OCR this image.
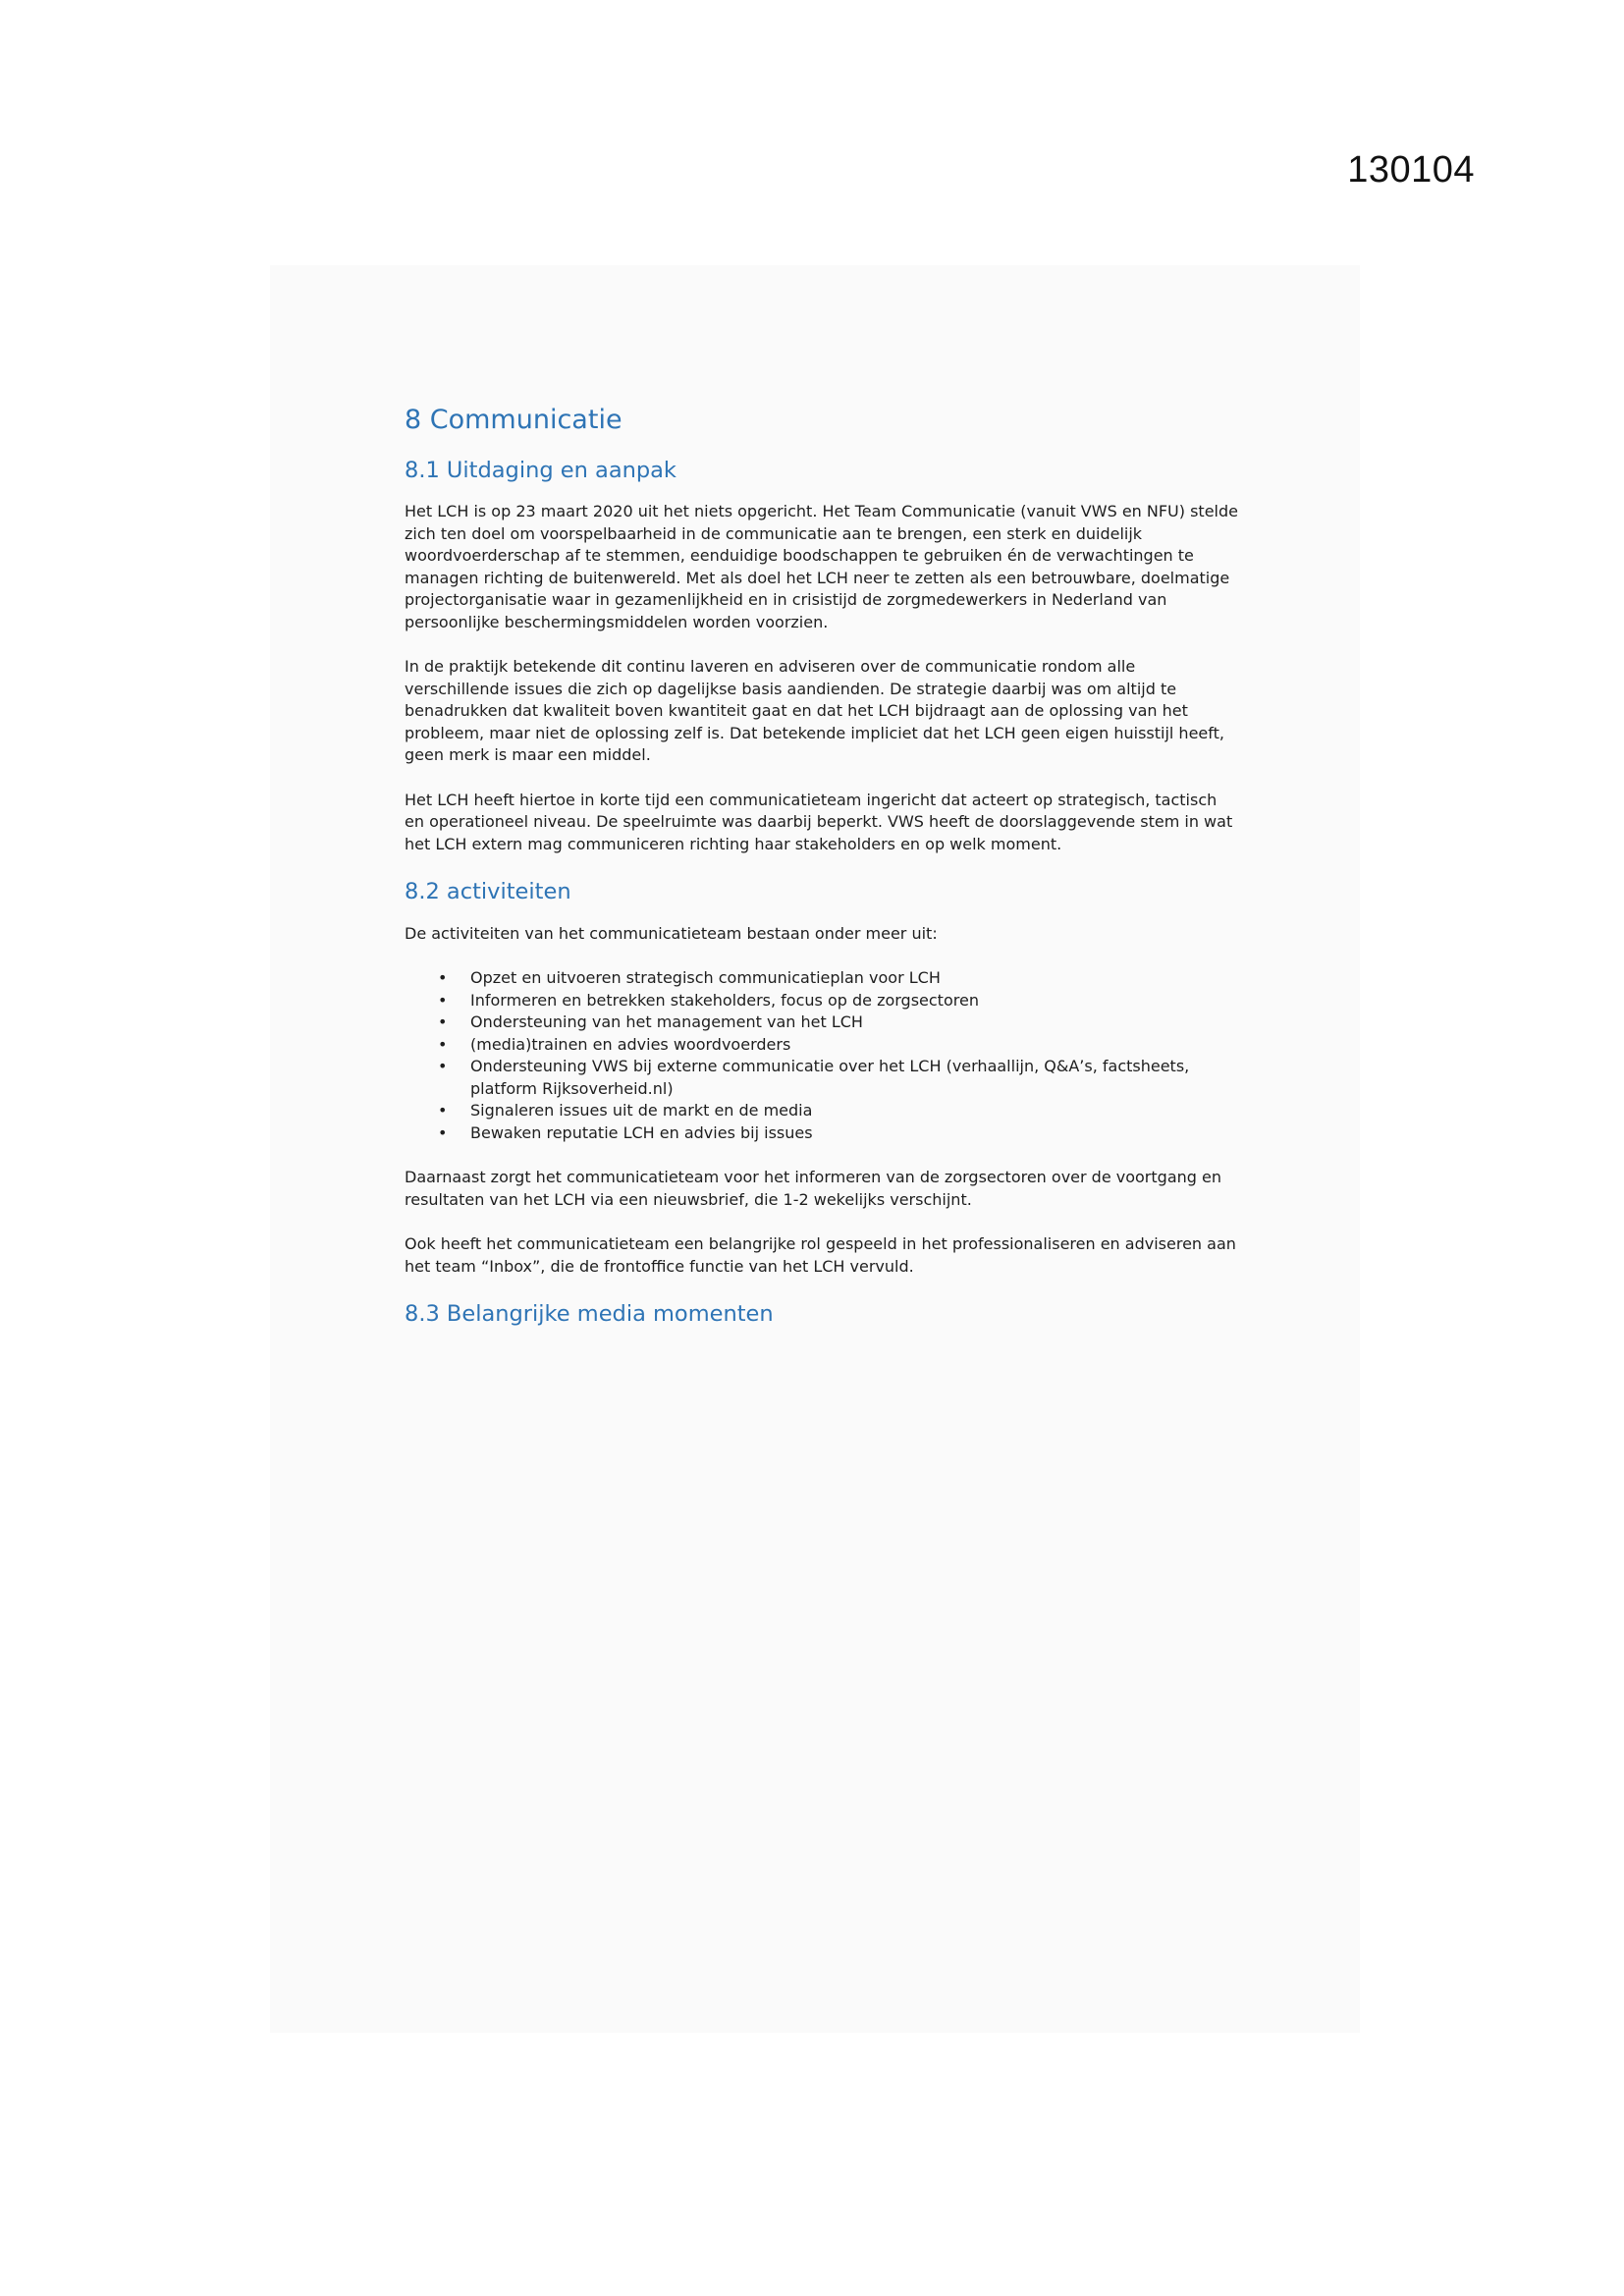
130104
8 Communicatie
8.1 Uitdaging en aanpak

Het LCH is op 23 maart 2020 uit het niets opgericht. Het Team Communicatie (vanuit VWS en NFU) stelde zich ten doel om voorspelbaarheid in de communicatie aan te brengen, een sterk en duidelijk woordvoerderschap af te stemmen, eenduidige boodschappen te gebruiken én de verwachtingen te managen richting de buitenwereld. Met als doel het LCH neer te zetten als een betrouwbare, doelmatige projectorganisatie waar in gezamenlijkheid en in crisistijd de zorgmedewerkers in Nederland van persoonlijke beschermingsmiddelen worden voorzien.

In de praktijk betekende dit continu laveren en adviseren over de communicatie rondom alle verschillende issues die zich op dagelijkse basis aandienden. De strategie daarbij was om altijd te benadrukken dat kwaliteit boven kwantiteit gaat en dat het LCH bijdraagt aan de oplossing van het probleem, maar niet de oplossing zelf is. Dat betekende impliciet dat het LCH geen eigen huisstijl heeft, geen merk is maar een middel.

Het LCH heeft hiertoe in korte tijd een communicatieteam ingericht dat acteert op strategisch, tactisch en operationeel niveau. De speelruimte was daarbij beperkt. VWS heeft de doorslaggevende stem in wat het LCH extern mag communiceren richting haar stakeholders en op welk moment.

8.2 activiteiten

De activiteiten van het communicatieteam bestaan onder meer uit:

• Opzet en uitvoeren strategisch communicatieplan voor LCH
• Informeren en betrekken stakeholders, focus op de zorgsectoren
• Ondersteuning van het management van het LCH
• (media)trainen en advies woordvoerders
• Ondersteuning VWS bij externe communicatie over het LCH (verhaallijn, Q&A’s, factsheets, platform Rijksoverheid.nl)
• Signaleren issues uit de markt en de media
• Bewaken reputatie LCH en advies bij issues

Daarnaast zorgt het communicatieteam voor het informeren van de zorgsectoren over de voortgang en resultaten van het LCH via een nieuwsbrief, die 1-2 wekelijks verschijnt.

Ook heeft het communicatieteam een belangrijke rol gespeeld in het professionaliseren en adviseren aan het team “Inbox”, die de frontoffice functie van het LCH vervuld.

8.3 Belangrijke media momenten
